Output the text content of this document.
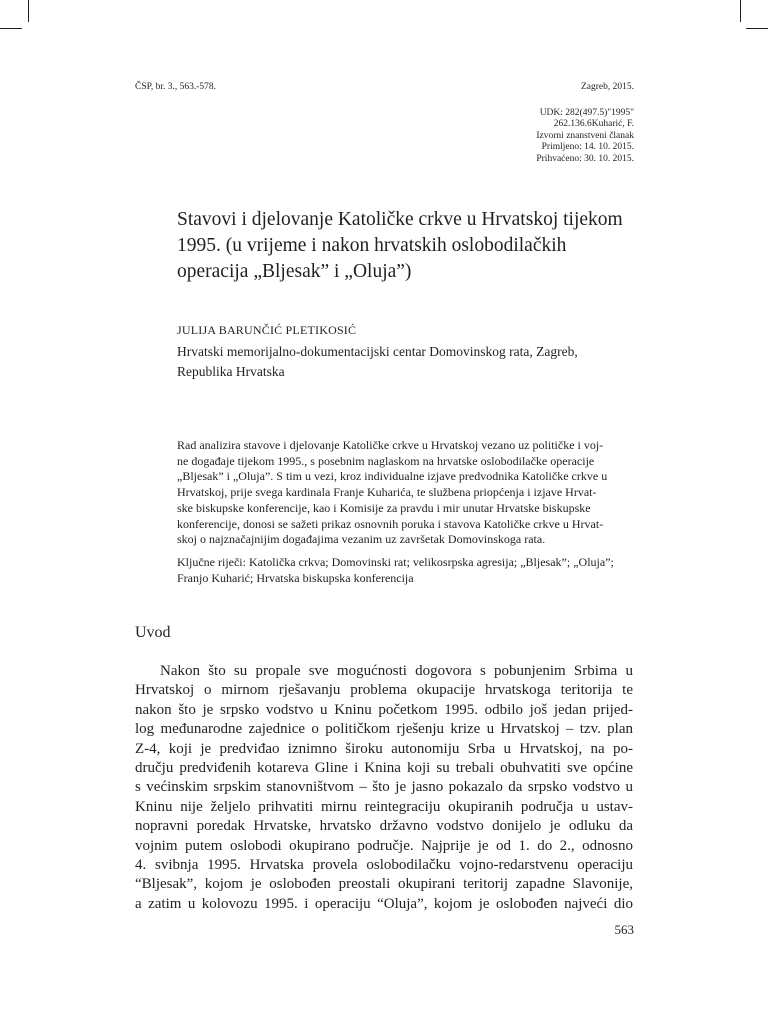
ČSP, br. 3., 563.-578.	Zagreb, 2015.
UDK: 282(497.5)"1995"
262.136.6Kuharić, F.
Izvorni znanstveni članak
Primljeno: 14. 10. 2015.
Prihvaćeno: 30. 10. 2015.
Stavovi i djelovanje Katoličke crkve u Hrvatskoj tijekom
1995. (u vrijeme i nakon hrvatskih oslobodilačkih
operacija „Bljesak” i „Oluja”)
JULIJA BARUNČIĆ PLETIKOSIĆ
Hrvatski memorijalno-dokumentacijski centar Domovinskog rata, Zagreb,
Republika Hrvatska
Rad analizira stavove i djelovanje Katoličke crkve u Hrvatskoj vezano uz političke i voj-
ne događaje tijekom 1995., s posebnim naglaskom na hrvatske oslobodilačke operacije
„Bljesak” i „Oluja”. S tim u vezi, kroz individualne izjave predvodnika Katoličke crkve u
Hrvatskoj, prije svega kardinala Franje Kuharića, te službena priopćenja i izjave Hrvat-
ske biskupske konferencije, kao i Komisije za pravdu i mir unutar Hrvatske biskupske
konferencije, donosi se sažeti prikaz osnovnih poruka i stavova Katoličke crkve u Hrvat-
skoj o najznačajnijim događajima vezanim uz završetak Domovinskoga rata.
Ključne riječi: Katolička crkva; Domovinski rat; velikosrpska agresija; „Bljesak”; „Oluja”;
Franjo Kuharić; Hrvatska biskupska konferencija
Uvod
Nakon što su propale sve mogućnosti dogovora s pobunjenim Srbima u
Hrvatskoj o mirnom rješavanju problema okupacije hrvatskoga teritorija te
nakon što je srpsko vodstvo u Kninu početkom 1995. odbilo još jedan prijed-
log međunarodne zajednice o političkom rješenju krize u Hrvatskoj – tzv. plan
Z-4, koji je predviđao iznimno široku autonomiju Srba u Hrvatskoj, na po-
dručju predviđenih kotareva Gline i Knina koji su trebali obuhvatiti sve općine
s većinskim srpskim stanovništvom – što je jasno pokazalo da srpsko vodstvo u
Kninu nije željelo prihvatiti mirnu reintegraciju okupiranih područja u ustav-
nopravni poredak Hrvatske, hrvatsko državno vodstvo donijelo je odluku da
vojnim putem oslobodi okupirano područje. Najprije je od 1. do 2., odnosno
4. svibnja 1995. Hrvatska provela oslobodilačku vojno-redarstvenu operaciju
“Bljesak”, kojom je oslobođen preostali okupirani teritorij zapadne Slavonije,
a zatim u kolovozu 1995. i operaciju “Oluja”, kojom je oslobođen najveći dio
563
